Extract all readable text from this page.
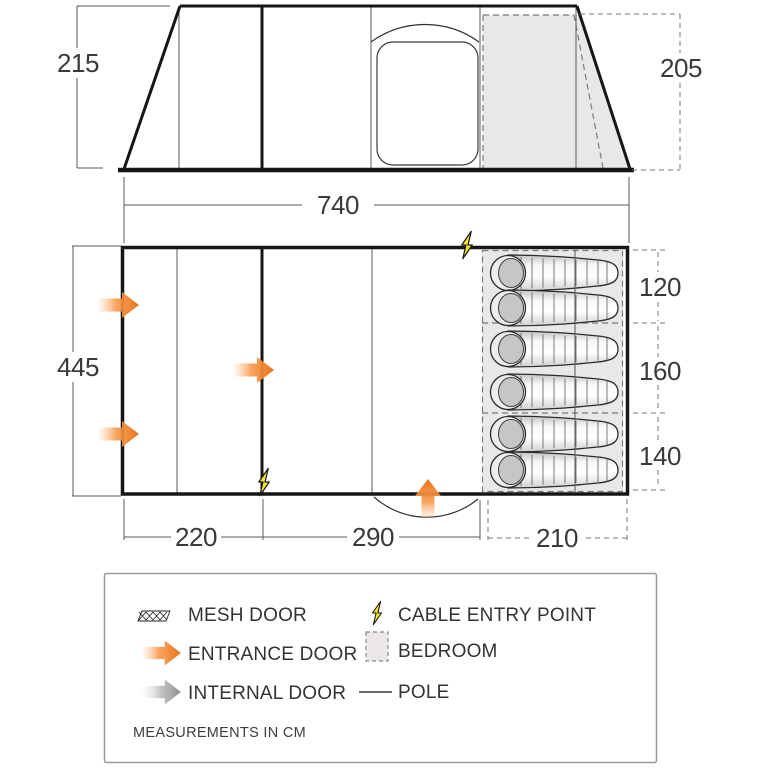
215	205
740
445
120
160
140
220	290	210
MESH DOOR
ENTRANCE DOOR
INTERNAL DOOR
CABLE ENTRY POINT
BEDROOM
POLE
MEASUREMENTS IN CM
